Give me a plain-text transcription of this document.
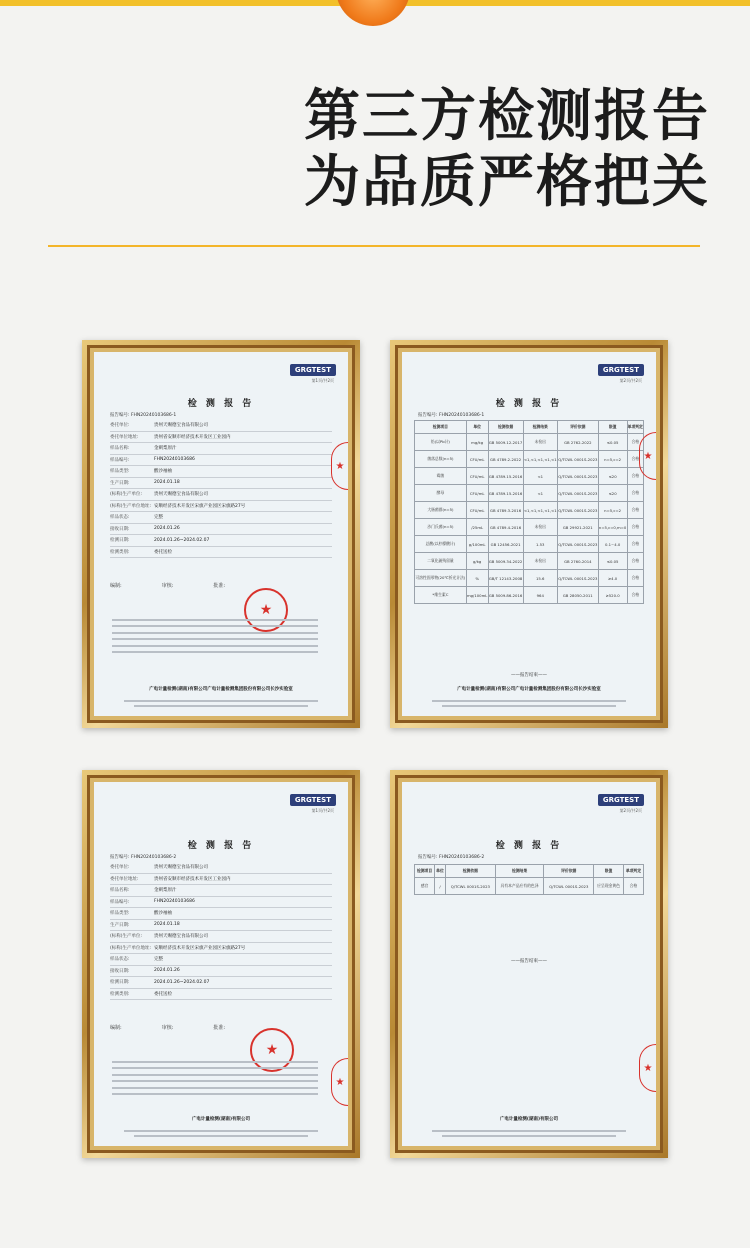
第三方检测报告
为品质严格把关
GRGTEST
第1页/共2页
检 测 报 告
报告编号: FHN20240103686-1
委托单位:	贵州天赐德宝食品有限公司
委托单位地址:	贵州省安顺市经济技术开发区工业园内
样品名称:	金刺梨原汁
样品编号:	FHN20240103686
样品类型:	酸沙袖袖
生产日期:	2024.01.18
(标称)生产单位:	贵州天赐德宝食品有限公司
(标称)生产单位地址: 安顺经济技术开发区宋旗产业园区宋旗路27号
样品状态:	完整
接收日期:	2024.01.26
检测日期:	2024.01.26~2024.02.07
检测类别:	委托送检
编制:	审核:	批准:
★
★
广电计量检测(湖南)有限公司广电计量检测集团股份有限公司长沙实验室
GRGTEST
第2页/共2页
检 测 报 告
报告编号: FHN20240103686-1
检测项目	单位	检测依据	检测结果	评价依据	限值	单项判定
铅(以Pb计)	mg/kg	GB 5009.12-2017	未检出	GB 2762-2022	≤0.05	合格
菌落总数(n=5)	CFU/mL	GB 4789.2-2022	<1,<1,<1,<1,<1	Q/TCWL 0001S-2023	n=5,c=2	合格
霉菌	CFU/mL	GB 4789.15-2016	<1	Q/TCWL 0001S-2023	≤20	合格
酵母	CFU/mL	GB 4789.15-2016	<1	Q/TCWL 0001S-2023	≤20	合格
大肠菌群(n=5)	CFU/mL	GB 4789.3-2016	<1,<1,<1,<1,<1	Q/TCWL 0001S-2023	n=5,c=2	合格
沙门氏菌(n=5)	/25mL	GB 4789.4-2016	未检出	GB 29921-2021	n=5,c=0,m=0	合格
总酸(以柠檬酸计)	g/100mL	GB 12456-2021	1.53	Q/TCWL 0001S-2023	0.1~4.0	合格
二氧化硫残留量	g/kg	GB 5009.34-2022	未检出	GB 2760-2014	≤0.05	合格
可溶性固形物(20℃折光计法)	%	GB/T 12143-2008	15.6	Q/TCWL 0001S-2023	≥4.0	合格
*维生素C	mg/100mL	GB 5009.86-2016	964	GB 28050-2011	≥520.0	合格
★
——报告结束——
广电计量检测(湖南)有限公司广电计量检测集团股份有限公司长沙实验室
GRGTEST
第1页/共2页
检 测 报 告
报告编号: FHN20240103686-2
委托单位:	贵州天赐德宝食品有限公司
委托单位地址:	贵州省安顺市经济技术开发区工业园内
样品名称:	金刺梨原汁
样品编号:	FHN20240103686
样品类型:	酸沙袖袖
生产日期:	2024.01.18
(标称)生产单位:	贵州天赐德宝食品有限公司
(标称)生产单位地址: 安顺经济技术开发区宋旗产业园区宋旗路27号
样品状态:	完整
接收日期:	2024.01.26
检测日期:	2024.01.26~2024.02.07
检测类别:	委托送检
编制:	审核:	批准:
★
★
广电计量检测(湖南)有限公司
GRGTEST
第2页/共2页
检 测 报 告
报告编号: FHN20240103686-2
检测项目	单位	检测依据	检测结果	评价依据	限值	单项判定
感官	/	Q/TCWL 0001S-2023	具有本产品应有的色泽	Q/TCWL 0001S-2023	应呈现金黄色	合格
——报告结束——
★
广电计量检测(湖南)有限公司
